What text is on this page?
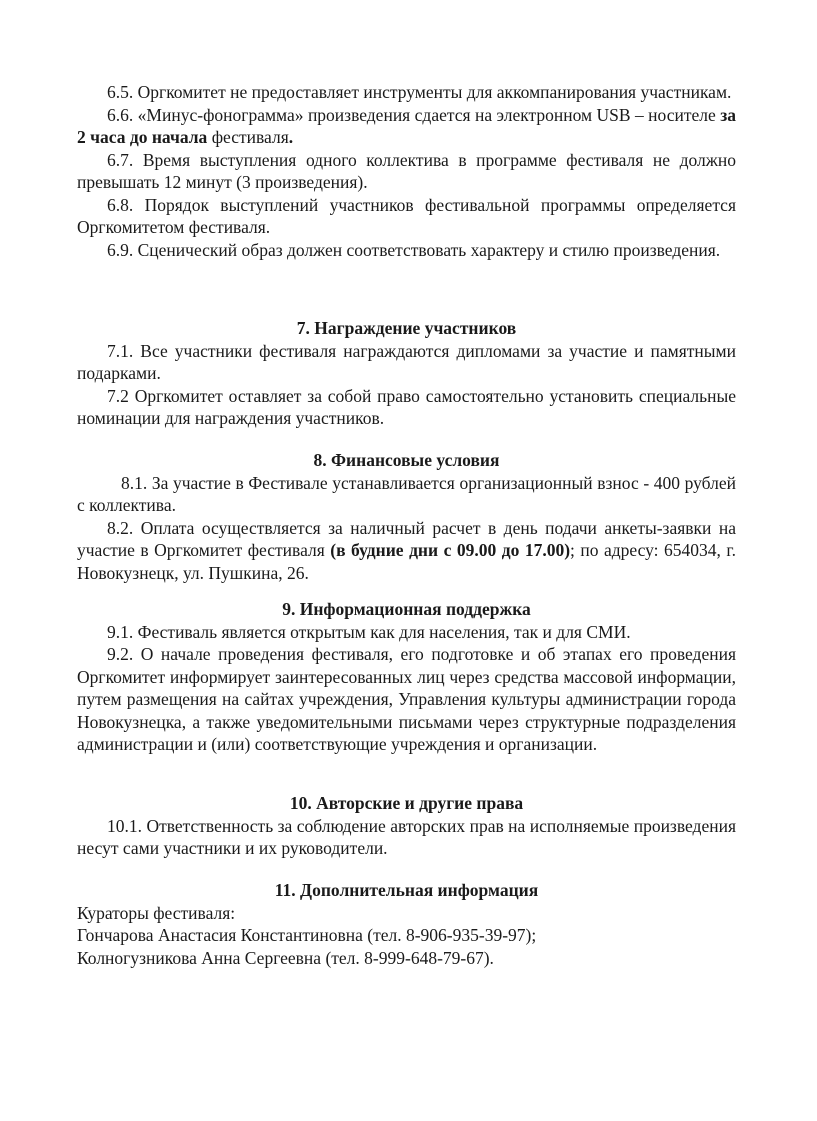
6.5. Оргкомитет не предоставляет инструменты для аккомпанирования участникам.

6.6. «Минус-фонограмма» произведения сдается на электронном USB – носителе за 2 часа до начала фестиваля.

6.7. Время выступления одного коллектива в программе фестиваля не должно превышать 12 минут (3 произведения).

6.8. Порядок выступлений участников фестивальной программы определяется Оргкомитетом фестиваля.

6.9. Сценический образ должен соответствовать характеру и стилю произведения.

7. Награждение участников

7.1. Все участники фестиваля награждаются дипломами за участие и памятными подарками.

7.2 Оргкомитет оставляет за собой право самостоятельно установить специальные номинации для награждения участников.

8. Финансовые условия

8.1. За участие в Фестивале устанавливается организационный взнос - 400 рублей с коллектива.

8.2. Оплата осуществляется за наличный расчет в день подачи анкеты-заявки на участие в Оргкомитет фестиваля (в будние дни с 09.00 до 17.00); по адресу: 654034, г. Новокузнецк, ул. Пушкина, 26.

9. Информационная поддержка

9.1. Фестиваль является открытым как для населения, так и для СМИ.

9.2. О начале проведения фестиваля, его подготовке и об этапах его проведения Оргкомитет информирует заинтересованных лиц через средства массовой информации, путем размещения на сайтах учреждения, Управления культуры администрации города Новокузнецка, а также уведомительными письмами через структурные подразделения администрации и (или) соответствующие учреждения и организации.

10. Авторские и другие права

10.1. Ответственность за соблюдение авторских прав на исполняемые произведения несут сами участники и их руководители.

11. Дополнительная информация

Кураторы фестиваля:

Гончарова Анастасия Константиновна (тел. 8-906-935-39-97);

Колногузникова Анна Сергеевна (тел. 8-999-648-79-67).
